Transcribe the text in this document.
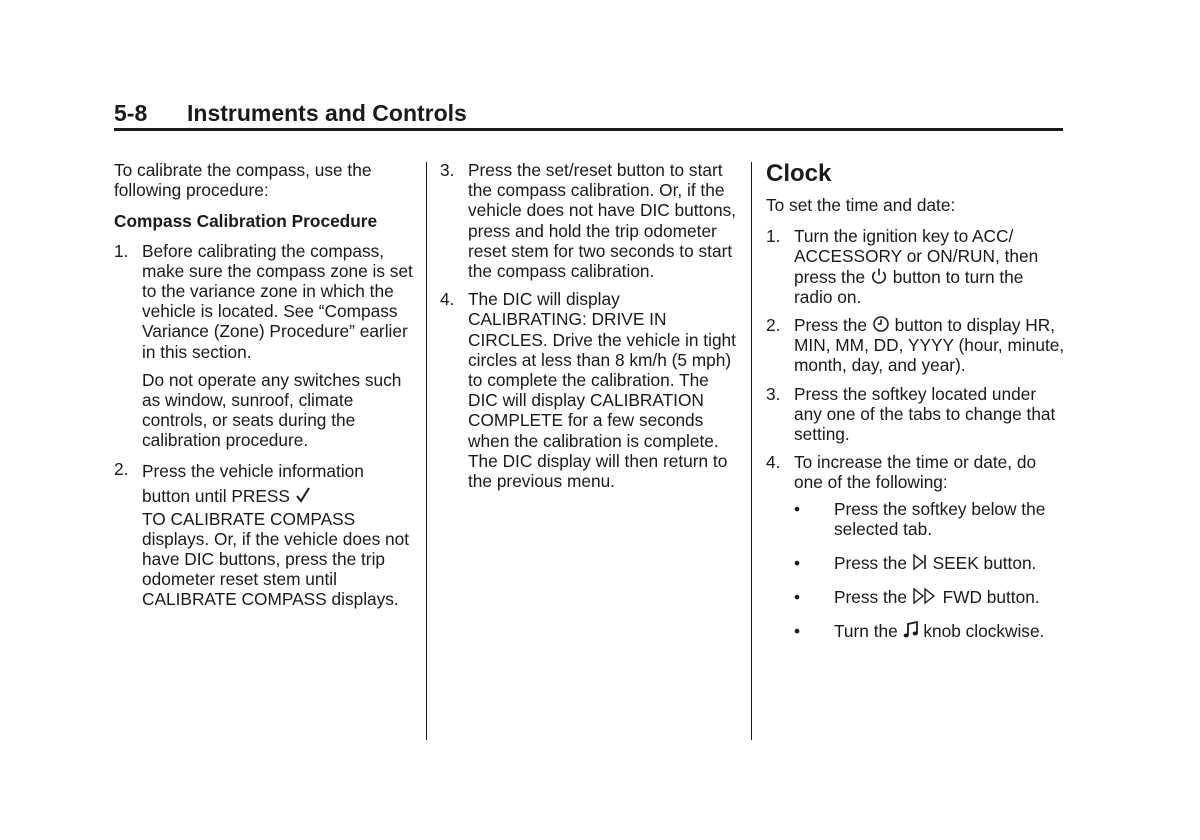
5-8 Instruments and Controls

To calibrate the compass, use the following procedure:

Compass Calibration Procedure

1. Before calibrating the compass, make sure the compass zone is set to the variance zone in which the vehicle is located. See “Compass Variance (Zone) Procedure” earlier in this section.

Do not operate any switches such as window, sunroof, climate controls, or seats during the calibration procedure.

2. Press the vehicle information button until PRESS
TO CALIBRATE COMPASS displays. Or, if the vehicle does not have DIC buttons, press the trip odometer reset stem until CALIBRATE COMPASS displays.
3. Press the set/reset button to start the compass calibration. Or, if the vehicle does not have DIC buttons, press and hold the trip odometer reset stem for two seconds to start the compass calibration.

4. The DIC will display CALIBRATING: DRIVE IN CIRCLES. Drive the vehicle in tight circles at less than 8 km/h (5 mph) to complete the calibration. The DIC will display CALIBRATION COMPLETE for a few seconds when the calibration is complete. The DIC display will then return to the previous menu.

Clock

To set the time and date:

1. Turn the ignition key to ACC/ ACCESSORY or ON/RUN, then press the button to turn the radio on.
2. Press the button to display HR, MIN, MM, DD, YYYY (hour, minute, month, day, and year).
3. Press the softkey located under any one of the tabs to change that setting.

4. To increase the time or date, do one of the following:

• Press the softkey below the selected tab.
• Press the SEEK button.
• Press the FWD button.
• Turn the knob clockwise.
